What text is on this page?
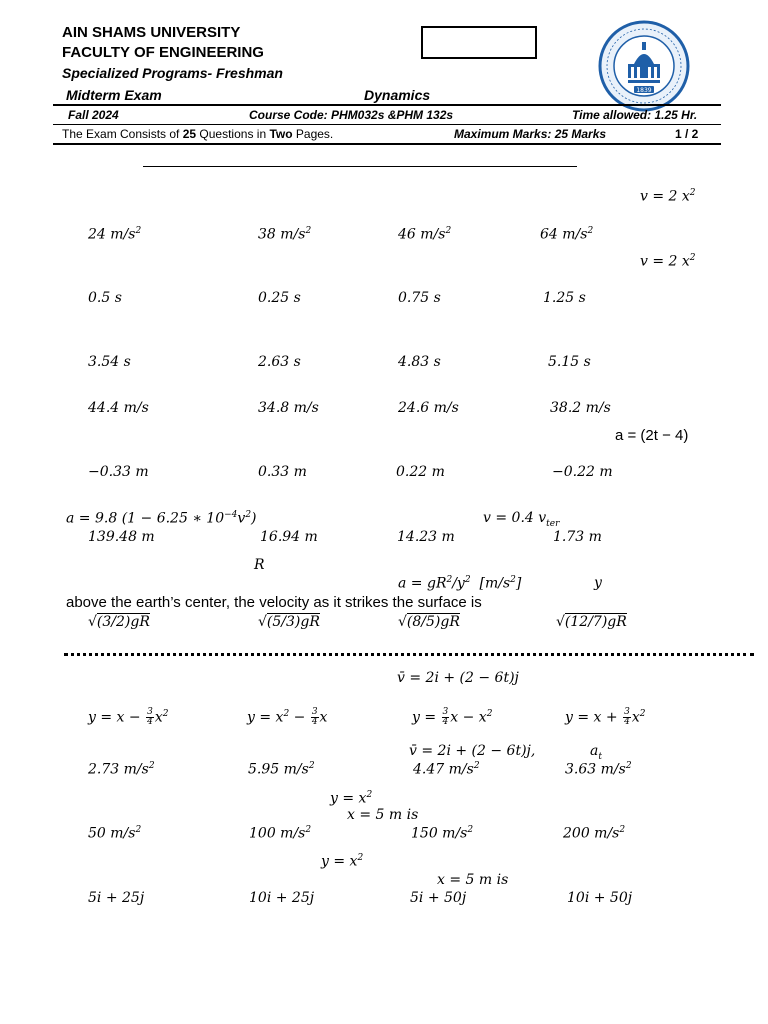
AIN SHAMS UNIVERSITY
FACULTY OF ENGINEERING
Specialized Programs- Freshman
Midterm Exam	Dynamics	1839
Fall 2024	Course Code: PHM032s &PHM 132s	Time allowed: 1.25 Hr.
The Exam Consists of 25 Questions in Two Pages.	Maximum Marks: 25 Marks	1 / 2
v = 2 $x^2$
24 $m/s^2$	38 $m/s^2$	46 $m/s^2$	64 $m/s^2$
v = 2 $x^2$
0.5 s	0.25 s	0.75 s	1.25 s
3.54 s	2.63 s	4.83 s	5.15 s
44.4 m/s	34.8 m/s	24.6 m/s	38.2 m/s
a = (2t − 4)
−0.33 m	0.33 m	0.22 m	−0.22 m
a = 9.8 (1 − 6.25 ∗ $10^{-4}v^2$)	v = 0.4 $v_{ter}$
139.48 m	16.94 m	14.23 m	1.73 m
R
$a = gR^2/y^2$ $[m/s^2]$	y
above the earth’s center, the velocity as it strikes the surface is
√(3/2)gR	√(5/3)gR	√(8/5)gR	√(12/7)gR
v̄ = 2i + (2 − 6t)j
$y = x - \frac{3}{4} x^2$	$y = x^2 - \frac{3}{4}$ x	$y = \frac{3}{4}$ $x - x^2$	$y = x + \frac{3}{4} x^2$
v̄ = 2i + (2 − 6t)j,	$a_t$
2.73 $m/s^2$	5.95 $m/s^2$	4.47 $m/s^2$	3.63 $m/s^2$
$y = x^2$
x = 5 m is
50 $m/s^2$	100 $m/s^2$	150 $m/s^2$	200 $m/s^2$
$y = x^2$
x = 5 m is
5i + 25j	10i + 25j	5i + 50j	10i + 50j
